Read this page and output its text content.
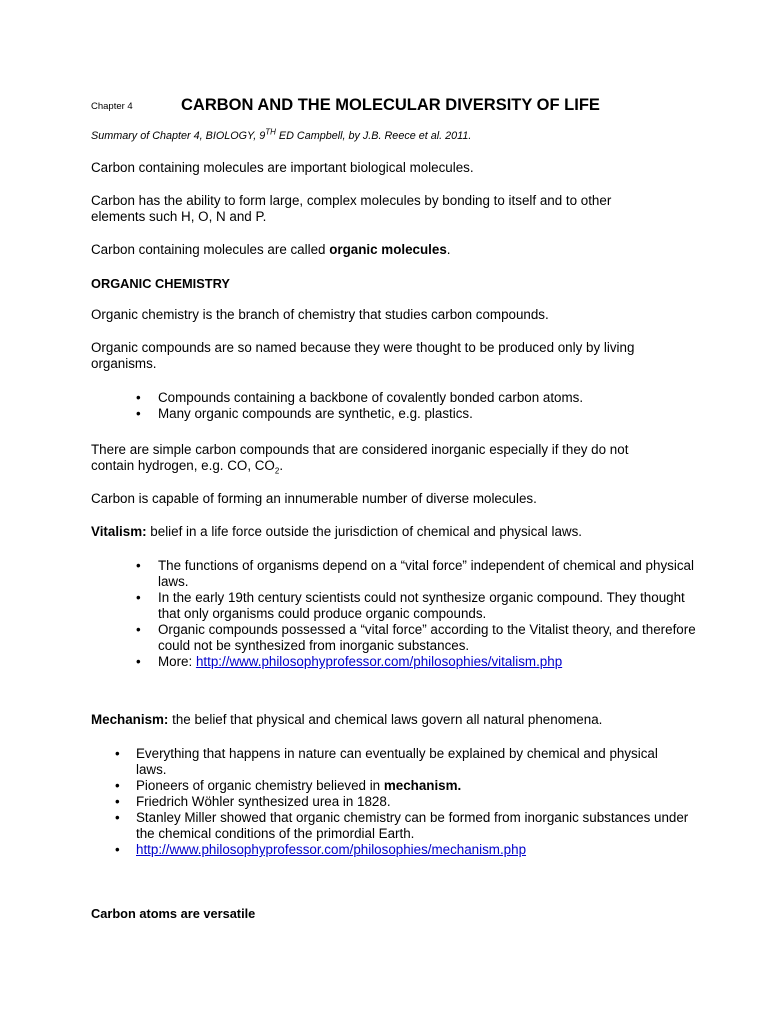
Chapter 4	CARBON AND THE MOLECULAR DIVERSITY OF LIFE

Summary of Chapter 4, BIOLOGY, 9TH ED Campbell, by J.B. Reece et al. 2011.

Carbon containing molecules are important biological molecules.

Carbon has the ability to form large, complex molecules by bonding to itself and to other elements such H, O, N and P.

Carbon containing molecules are called organic molecules.

ORGANIC CHEMISTRY

Organic chemistry is the branch of chemistry that studies carbon compounds.

Organic compounds are so named because they were thought to be produced only by living organisms.

• Compounds containing a backbone of covalently bonded carbon atoms.
• Many organic compounds are synthetic, e.g. plastics.

There are simple carbon compounds that are considered inorganic especially if they do not contain hydrogen, e.g. CO, $CO_2$.

Carbon is capable of forming an innumerable number of diverse molecules.

Vitalism: belief in a life force outside the jurisdiction of chemical and physical laws.

• The functions of organisms depend on a “vital force” independent of chemical and physical laws.
• In the early 19th century scientists could not synthesize organic compound. They thought that only organisms could produce organic compounds.
• Organic compounds possessed a “vital force” according to the Vitalist theory, and therefore could not be synthesized from inorganic substances.
• More: http://www.philosophyprofessor.com/philosophies/vitalism.php

Mechanism: the belief that physical and chemical laws govern all natural phenomena.

• Everything that happens in nature can eventually be explained by chemical and physical laws.
• Pioneers of organic chemistry believed in mechanism.
• Friedrich Wöhler synthesized urea in 1828.
• Stanley Miller showed that organic chemistry can be formed from inorganic substances under the chemical conditions of the primordial Earth.
• http://www.philosophyprofessor.com/philosophies/mechanism.php

Carbon atoms are versatile
